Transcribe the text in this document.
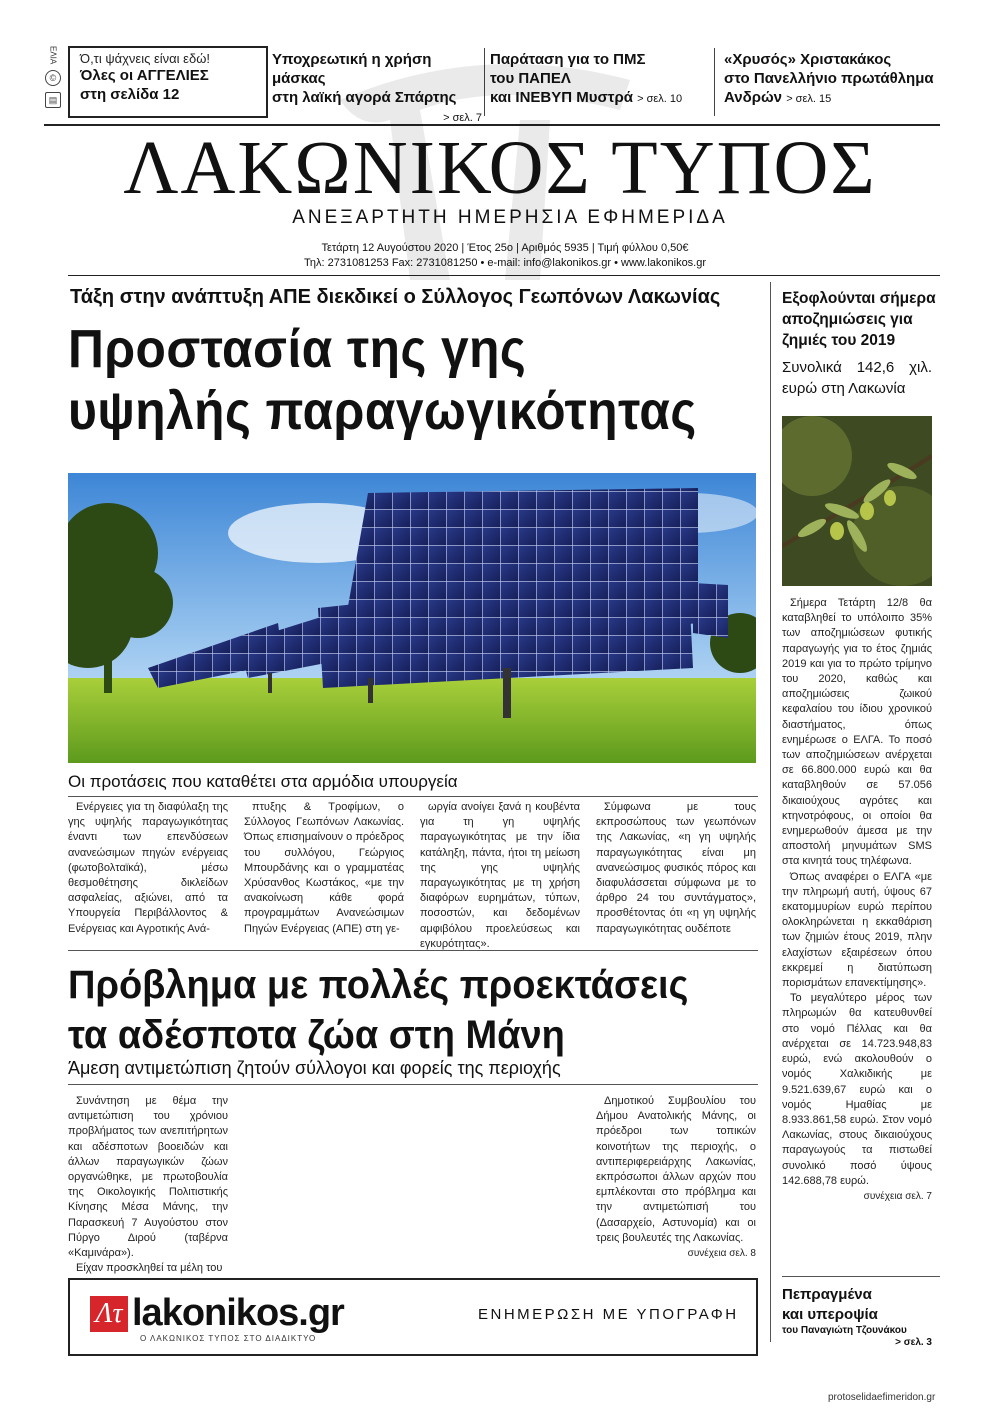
ΕΛΙΑ
©
▤
Ό,τι ψάχνεις είναι εδώ!
Όλες οι ΑΓΓΕΛΙΕΣ
στη σελίδα 12
Υποχρεωτική η χρήση μάσκας
στη λαϊκή αγορά Σπάρτης
> σελ. 7
Παράταση για το ΠΜΣ
του ΠΑΠΕΛ
και ΙΝΕΒΥΠ Μυστρά > σελ. 10
«Χρυσός» Χριστακάκος
στο Πανελλήνιο πρωτάθλημα
Ανδρών > σελ. 15
ΛΑΚΩΝΙΚΟΣ ΤΥΠΟΣ
ΑΝΕΞΑΡΤΗΤΗ ΗΜΕΡΗΣΙΑ ΕΦΗΜΕΡΙΔΑ
Τετάρτη 12 Αυγούστου 2020 | Έτος 25ο | Αριθμός 5935 | Τιμή φύλλου 0,50€
Τηλ: 2731081253 Fax: 2731081250 • e-mail: info@lakonikos.gr • www.lakonikos.gr
Τάξη στην ανάπτυξη ΑΠΕ διεκδικεί ο Σύλλογος Γεωπόνων Λακωνίας
Προστασία της γης
υψηλής παραγωγικότητας
Οι προτάσεις που καταθέτει στα αρμόδια υπουργεία

Ενέργειες για τη διαφύλαξη της γης υψηλής παραγωγικότητας έναντι των επενδύσεων ανανεώσιμων πηγών ενέργειας (φωτοβολταϊκά), μέσω θεσμοθέτησης δικλείδων ασφαλείας, αξιώνει, από τα Υπουργεία Περιβάλλοντος & Ενέργειας και Αγροτικής Ανά-

πτυξης & Τροφίμων, ο Σύλλογος Γεωπόνων Λακωνίας. Όπως επισημαίνουν ο πρόεδρος του συλλόγου, Γεώργιος Μπουρδάνης και ο γραμματέας Χρύσανθος Κωστάκος, «με την ανακοίνωση κάθε φορά προγραμμάτων Ανανεώσιμων Πηγών Ενέργειας (ΑΠΕ) στη γε-

ωργία ανοίγει ξανά η κουβέντα για τη γη υψηλής παραγωγικότητας με την ίδια κατάληξη, πάντα, ήτοι τη μείωση της γης υψηλής παραγωγικότητας με τη χρήση διαφόρων ευρημάτων, τύπων, ποσοστών, και δεδομένων αμφιβόλου προελεύσεως και εγκυρότητας».

Σύμφωνα με τους εκπροσώπους των γεωπόνων της Λακωνίας, «η γη υψηλής παραγωγικότητας είναι μη ανανεώσιμος φυσικός πόρος και διαφυλάσσεται σύμφωνα με το άρθρο 24 του συντάγματος», προσθέτοντας ότι «η γη υψηλής παραγωγικότητας ουδέποτε

Πρόβλημα με πολλές προεκτάσεις
τα αδέσποτα ζώα στη Μάνη
Άμεση αντιμετώπιση ζητούν σύλλογοι και φορείς της περιοχής

Συνάντηση με θέμα την αντιμετώπιση του χρόνιου προβλήματος των ανεπιτήρητων και αδέσποτων βοοειδών και άλλων παραγωγικών ζώων οργανώθηκε, με πρωτοβουλία της Οικολογικής Πολιτιστικής Κίνησης Μέσα Μάνης, την Παρασκευή 7 Αυγούστου στον Πύργο Διρού (ταβέρνα «Καμινάρα»).

Είχαν προσκληθεί τα μέλη του

Δημοτικού Συμβουλίου του Δήμου Ανατολικής Μάνης, οι πρόεδροι των τοπικών κοινοτήτων της περιοχής, ο αντιπεριφερειάρχης Λακωνίας, εκπρόσωποι άλλων αρχών που εμπλέκονται στο πρόβλημα και την αντιμετώπισή του (Δασαρχείο, Αστυνομία) και οι τρεις βουλευτές της Λακωνίας.

συνέχεια σελ. 8
Λτ lakonikos.gr
Ο ΛΑΚΩΝΙΚΟΣ ΤΥΠΟΣ ΣΤΟ ΔΙΑΔΙΚΤΥΟ
ΕΝΗΜΕΡΩΣΗ ΜΕ ΥΠΟΓΡΑΦΗ
Εξοφλούνται σήμερα αποζημιώσεις για ζημιές του 2019
Συνολικά 142,6 χιλ. ευρώ στη Λακωνία

Σήμερα Τετάρτη 12/8 θα καταβληθεί το υπόλοιπο 35% των αποζημιώσεων φυτικής παραγωγής για το έτος ζημιάς 2019 και για το πρώτο τρίμηνο του 2020, καθώς και αποζημιώσεις ζωικού κεφαλαίου του ίδιου χρονικού διαστήματος, όπως ενημέρωσε ο ΕΛΓΑ. Το ποσό των αποζημιώσεων ανέρχεται σε 66.800.000 ευρώ και θα καταβληθούν σε 57.056 δικαιούχους αγρότες και κτηνοτρόφους, οι οποίοι θα ενημερωθούν άμεσα με την αποστολή μηνυμάτων SMS στα κινητά τους τηλέφωνα.

Όπως αναφέρει ο ΕΛΓΑ «με την πληρωμή αυτή, ύψους 67 εκατομμυρίων ευρώ περίπου ολοκληρώνεται η εκκαθάριση των ζημιών έτους 2019, πλην ελαχίστων εξαιρέσεων όπου εκκρεμεί η διατύπωση πορισμάτων επανεκτίμησης».

Το μεγαλύτερο μέρος των πληρωμών θα κατευθυνθεί στο νομό Πέλλας και θα ανέρχεται σε 14.723.948,83 ευρώ, ενώ ακολουθούν ο νομός Χαλκιδικής με 9.521.639,67 ευρώ και ο νομός Ημαθίας με 8.933.861,58 ευρώ. Στον νομό Λακωνίας, στους δικαιούχους παραγωγούς τα πιστωθεί συνολικό ποσό ύψους 142.688,78 ευρώ.

συνέχεια σελ. 7
Πεπραγμένα
και υπεροψία
του Παναγιώτη Τζουνάκου
> σελ. 3
protoselidaefimeridon.gr
